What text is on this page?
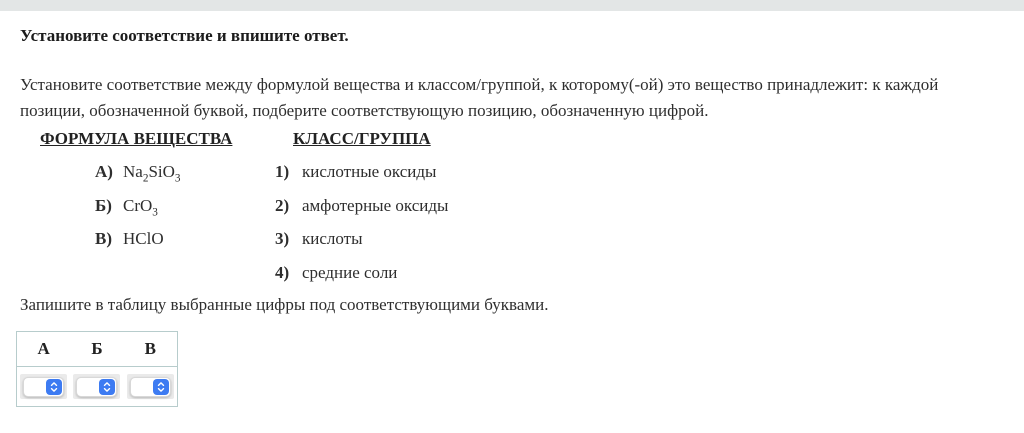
Установите соответствие и впишите ответ.
Установите соответствие между формулой вещества и классом/группой, к которому(-ой) это вещество принадлежит: к каждой
позиции, обозначенной буквой, подберите соответствующую позицию, обозначенную цифрой.
ФОРМУЛА ВЕЩЕСТВА	КЛАСС/ГРУППА
А) $Na_2SiO_3$
Б) CrO$_3$
В) HClO
1) кислотные оксиды
2) амфотерные оксиды
3) кислоты
4) средние соли
Запишите в таблицу выбранные цифры под соответствующими буквами.
А	Б	В
